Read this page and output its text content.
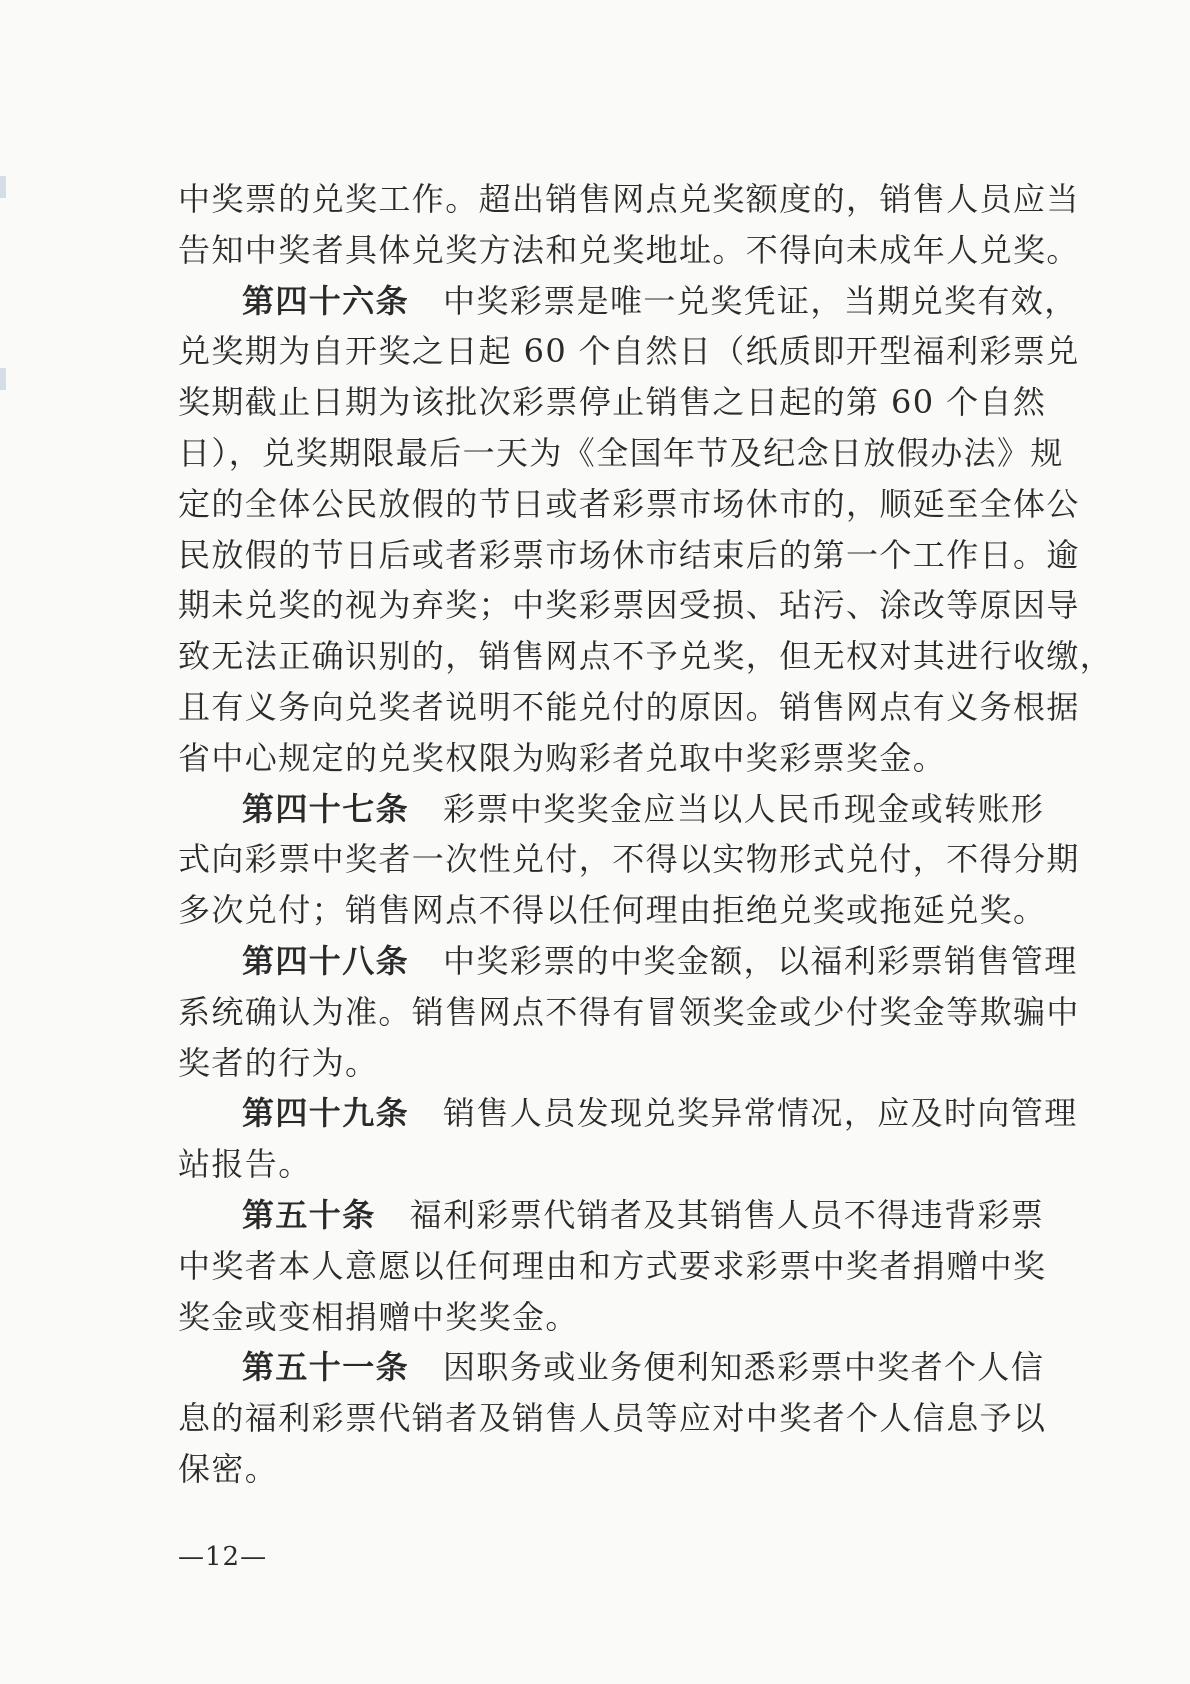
中奖票的兑奖工作。超出销售网点兑奖额度的，销售人员应当
告知中奖者具体兑奖方法和兑奖地址。不得向未成年人兑奖。
第四十六条 中奖彩票是唯一兑奖凭证，当期兑奖有效，
兑奖期为自开奖之日起 60 个自然日（纸质即开型福利彩票兑
奖期截止日期为该批次彩票停止销售之日起的第 60 个自然
日），兑奖期限最后一天为《全国年节及纪念日放假办法》规
定的全体公民放假的节日或者彩票市场休市的，顺延至全体公
民放假的节日后或者彩票市场休市结束后的第一个工作日。逾
期未兑奖的视为弃奖；中奖彩票因受损、玷污、涂改等原因导
致无法正确识别的，销售网点不予兑奖，但无权对其进行收缴，
且有义务向兑奖者说明不能兑付的原因。销售网点有义务根据
省中心规定的兑奖权限为购彩者兑取中奖彩票奖金。
第四十七条 彩票中奖奖金应当以人民币现金或转账形
式向彩票中奖者一次性兑付，不得以实物形式兑付，不得分期
多次兑付；销售网点不得以任何理由拒绝兑奖或拖延兑奖。
第四十八条 中奖彩票的中奖金额，以福利彩票销售管理
系统确认为准。销售网点不得有冒领奖金或少付奖金等欺骗中
奖者的行为。
第四十九条 销售人员发现兑奖异常情况，应及时向管理
站报告。
第五十条 福利彩票代销者及其销售人员不得违背彩票
中奖者本人意愿以任何理由和方式要求彩票中奖者捐赠中奖
奖金或变相捐赠中奖奖金。
第五十一条 因职务或业务便利知悉彩票中奖者个人信
息的福利彩票代销者及销售人员等应对中奖者个人信息予以
保密。
—12—
